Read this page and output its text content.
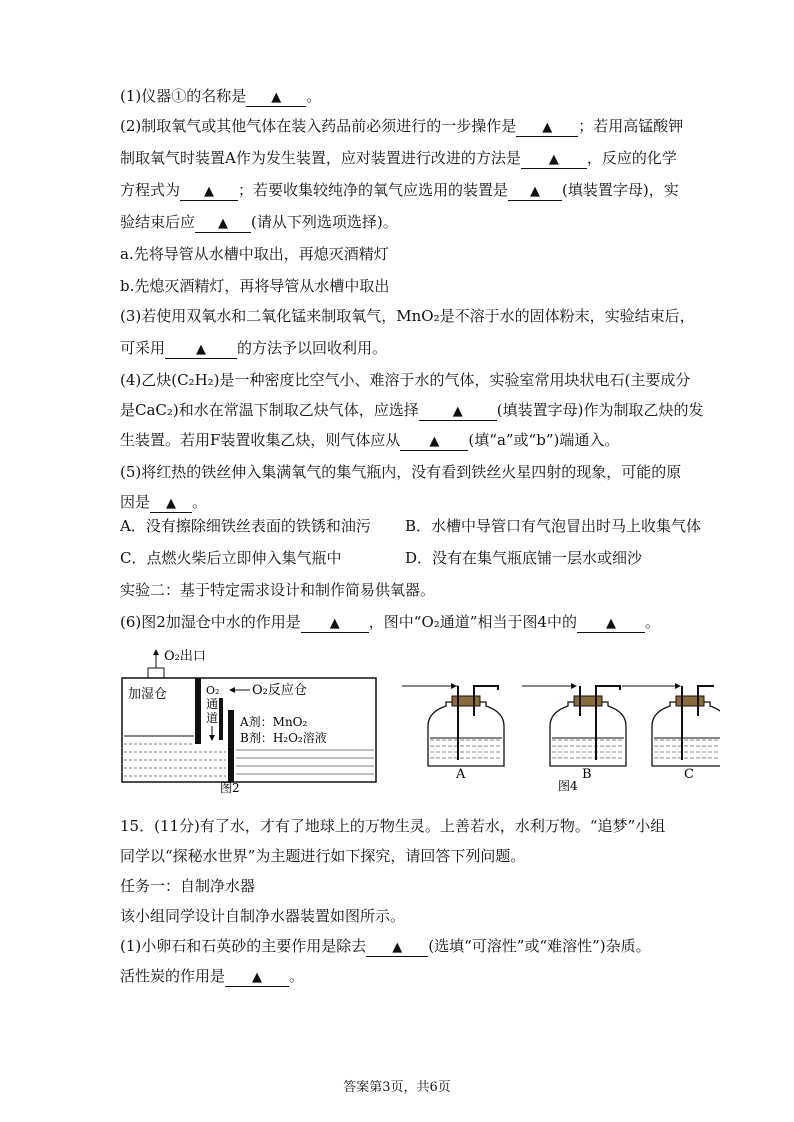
(1)仪器①的名称是 ▲ 。
(2)制取氧气或其他气体在装入药品前必须进行的一步操作是 ▲ ；若用高锰酸钾
制取氧气时装置A作为发生装置，应对装置进行改进的方法是 ▲ ，反应的化学
方程式为 ▲ ；若要收集较纯净的氧气应选用的装置是 ▲ (填装置字母)，实
验结束后应 ▲ (请从下列选项选择)。
a.先将导管从水槽中取出，再熄灭酒精灯
b.先熄灭酒精灯，再将导管从水槽中取出
(3)若使用双氧水和二氧化锰来制取氧气，MnO₂是不溶于水的固体粉末，实验结束后，
可采用 ▲ 的方法予以回收利用。
(4)乙炔(C₂H₂)是一种密度比空气小、难溶于水的气体，实验室常用块状电石(主要成分
是CaC₂)和水在常温下制取乙炔气体，应选择	▲ (填装置字母)作为制取乙炔的发
生装置。若用F装置收集乙炔，则气体应从 ▲ (填“a”或“b”)端通入。
(5)将红热的铁丝伸入集满氧气的集气瓶内，没有看到铁丝火星四射的现象，可能的原
因是 ▲ 。
实验二：基于特定需求设计和制作简易供氧器。
(6)图2加湿仓中水的作用是 ▲ ，图中“O₂通道”相当于图4中的 ▲ 。
15．(11分)有了水，才有了地球上的万物生灵。上善若水，水利万物。“追梦”小组
同学以“探秘水世界”为主题进行如下探究，请回答下列问题。
任务一：自制净水器
该小组同学设计自制净水器装置如图所示。
(1)小卵石和石英砂的主要作用是除去 ▲ (选填“可溶性”或“难溶性”)杂质。
活性炭的作用是 ▲ 。
A．没有擦除细铁丝表面的铁锈和油污 B．水槽中导管口有气泡冒出时马上收集气体
C．点燃火柴后立即伸入集气瓶中	D．没有在集气瓶底铺一层水或细沙
O₂出口
加湿仓	O₂
通
道
O₂反应仓
A剂：MnO₂
B剂：H₂O₂溶液
图2
A	B	C
图4
答案第3页，共6页
